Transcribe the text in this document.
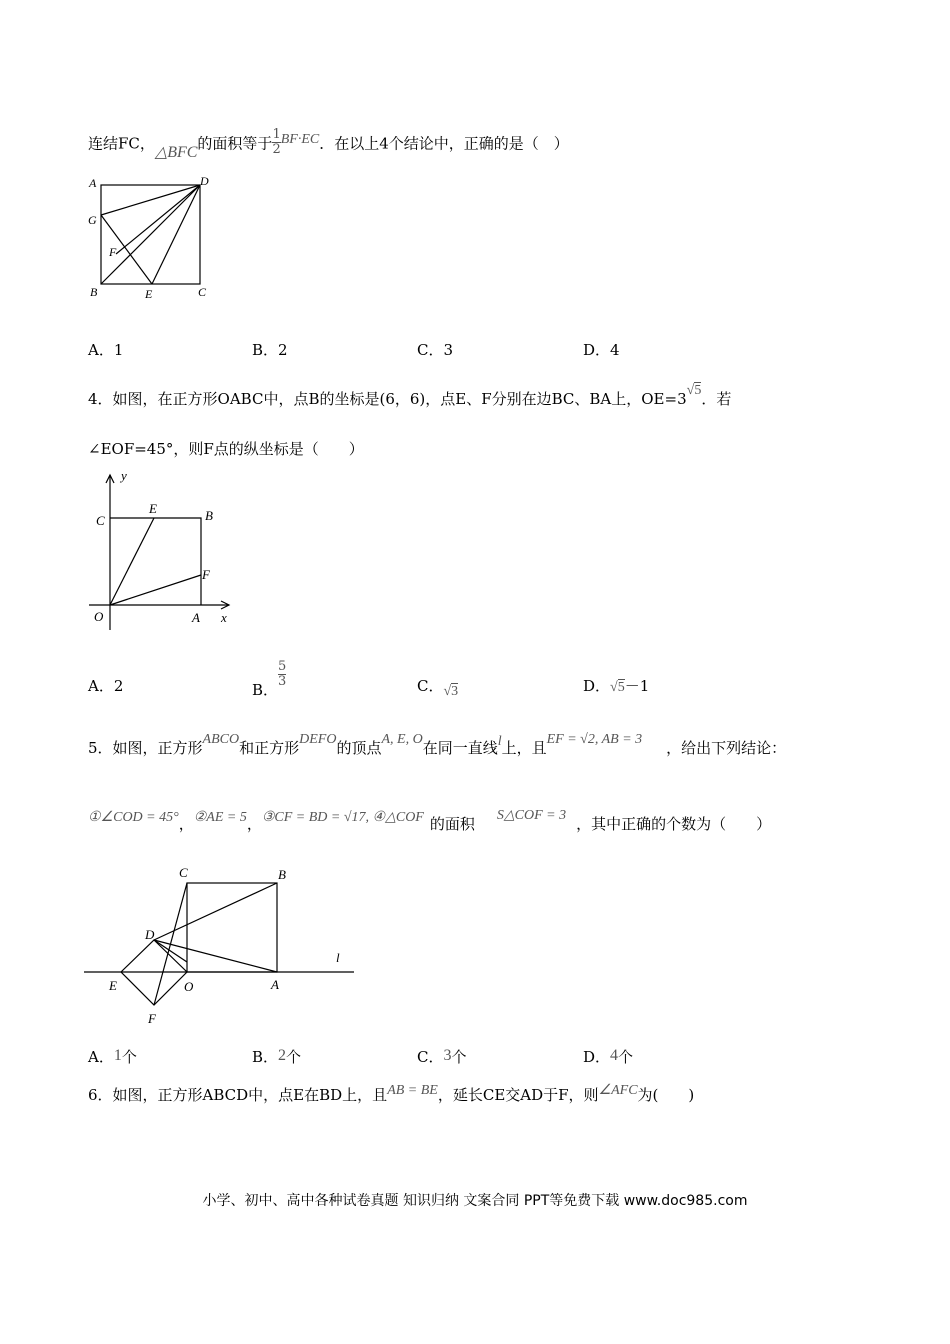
连结FC，△BFC的面积等于 $\frac{1}{2} BF\cdot EC$．在以上4个结论中，正确的是（　）
A	D
G
F
B	E	C
A．1	B．2	C．3	D．4
4．如图，在正方形OABC中，点B的坐标是(6，6)，点E、F分别在边BC、BA上，OE=3√5．若
∠EOF=45°，则F点的纵坐标是（　　）
y
C
E	B
F
O	A x
A．2	B．
$\frac{5}{3}$	C．√3	D．√5－1
5．如图，正方形ABCO和正方形DEFO的顶点A, E, O在同一直线l上，且EF = √2, AB = 3 ，给出下列结论：
①∠COD = 45°，②AE = 5，③CF = BD = √17, ④△COF 的面积 S△COF = 3 ，其中正确的个数为（　　）
C	B
D
l
E	O	A
F
A．1个	B．2个	C．3个	D．4个
6．如图，正方形ABCD中，点E在BD上，且AB = BE，延长CE交AD于F，则∠AFC为(　　)
小学、初中、高中各种试卷真题 知识归纳 文案合同 PPT等免费下载 www.doc985.com
